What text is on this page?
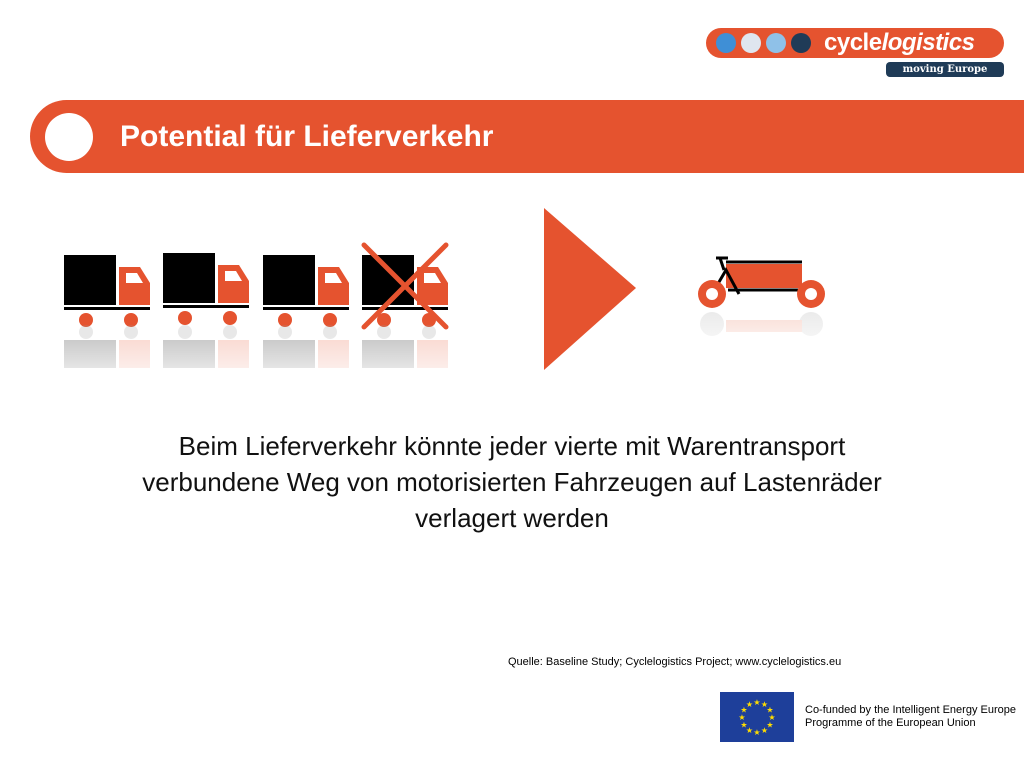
cyclelogistics
moving Europe forward
Potential für Lieferverkehr
Beim Lieferverkehr könnte jeder vierte mit Warentransport
verbundene Weg von motorisierten Fahrzeugen auf Lastenräder
verlagert werden
Quelle: Baseline Study; Cyclelogistics Project; www.cyclelogistics.eu
★ ★
★
★
★
★
★
★
★
★
★
★	Co-funded by the Intelligent Energy Europe
Programme of the European Union
